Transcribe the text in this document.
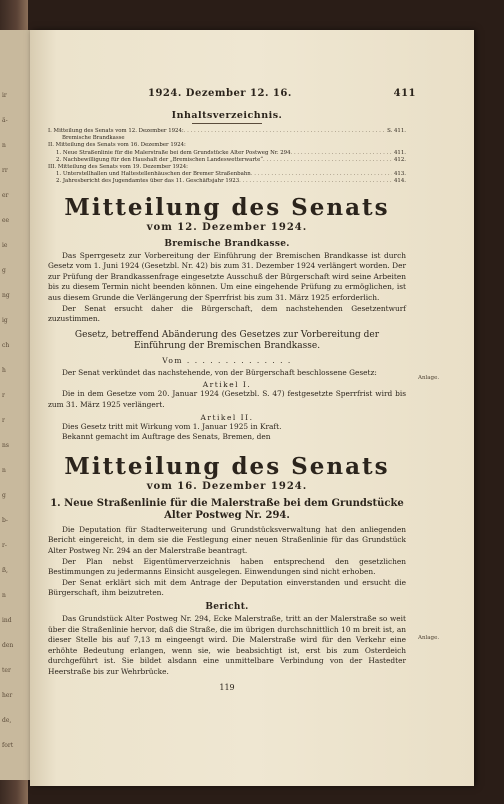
ir
ä-
n
rr
er
ee
ie
g
ng
ig
ch
h
r
r
ns
n
g
b-
r-
ß,
n
ind
den
ter
her
de,
fort
1924. Dezember 12. 16.	411
Inhaltsverzeichnis.
I. Mitteilung des Senats vom 12. Dezember 1924: . . .	S. 411.
Bremische Brandkasse
II. Mitteilung des Senats vom 16. Dezember 1924:
1. Neue Straßenlinie für die Malerstraße bei dem Grundstücke Alter Postweg Nr. 294 . . .	411.
2. Nachbewilligung für den Haushalt der „Bremischen Landeswetterwarte“ . . .	412.
III. Mitteilung des Senats vom 19. Dezember 1924:
1. Unterstellhallen und Haltestellenhäuschen der Bremer Straßenbahn . . .	413.
2. Jahresbericht des Jugendamtes über das 11. Geschäftsjahr 1923 . . .	414.
Mitteilung des Senats
vom 12. Dezember 1924.
Bremische Brandkasse.

Das Sperrgesetz zur Vorbereitung der Einführung der Bremischen Brandkasse ist durch Gesetz vom 1. Juni 1924 (Gesetzbl. Nr. 42) bis zum 31. Dezember 1924 verlängert worden. Der zur Prüfung der Brandkassenfrage eingesetzte Ausschuß der Bürgerschaft wird seine Arbeiten bis zu diesem Termin nicht beenden können. Um eine eingehende Prüfung zu ermöglichen, ist aus diesem Grunde die Verlängerung der Sperrfrist bis zum 31. März 1925 erforderlich.

Der Senat ersucht daher die Bürgerschaft, dem nachstehenden Gesetzentwurf zuzustimmen.

Gesetz, betreffend Abänderung des Gesetzes zur Vorbereitung der Einführung der Bremischen Brandkasse.
Vom . . . . . . . . . . . . . .

Der Senat verkündet das nachstehende, von der Bürgerschaft beschlossene Gesetz:

Artikel I.

Die in dem Gesetze vom 20. Januar 1924 (Gesetzbl. S. 47) festgesetzte Sperrfrist wird bis zum 31. März 1925 verlängert.

Artikel II.

Dies Gesetz tritt mit Wirkung vom 1. Januar 1925 in Kraft.

Bekannt gemacht im Auftrage des Senats, Bremen, den

Mitteilung des Senats
vom 16. Dezember 1924.
1. Neue Straßenlinie für die Malerstraße bei dem Grundstücke Alter Postweg Nr. 294.

Die Deputation für Stadterweiterung und Grundstücksverwaltung hat den anliegenden Bericht eingereicht, in dem sie die Festlegung einer neuen Straßenlinie für das Grundstück Alter Postweg Nr. 294 an der Malerstraße beantragt.

Der Plan nebst Eigentümerverzeichnis haben entsprechend den gesetzlichen Bestimmungen zu jedermanns Einsicht ausgelegen. Einwendungen sind nicht erhoben.

Der Senat erklärt sich mit dem Antrage der Deputation einverstanden und ersucht die Bürgerschaft, ihm beizutreten.

Bericht.

Das Grundstück Alter Postweg Nr. 294, Ecke Malerstraße, tritt an der Malerstraße so weit über die Straßenlinie hervor, daß die Straße, die im übrigen durchschnittlich 10 m breit ist, an dieser Stelle bis auf 7,13 m eingeengt wird. Die Malerstraße wird für den Verkehr eine erhöhte Bedeutung erlangen, wenn sie, wie beabsichtigt ist, erst bis zum Osterdeich durchgeführt ist. Sie bildet alsdann eine unmittelbare Verbindung von der Hastedter Heerstraße bis zur Wehrbrücke.

119
Anlage.
Anlage.
